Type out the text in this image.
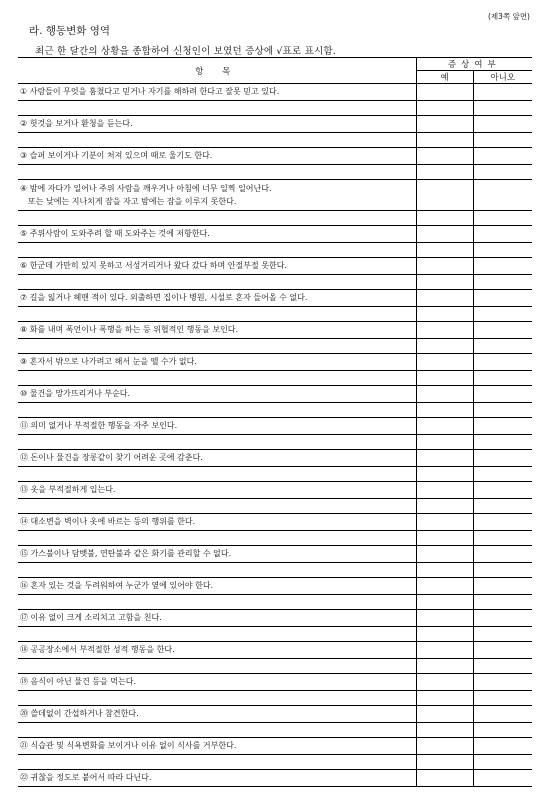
(제3쪽 앞면)
라. 행동변화 영역
최근 한 달간의 상황을 종합하여 신청인이 보였던 증상에 √표로 표시함.
항 목	증상여부	
	예	아니오

① 사람들이 무엇을 훔쳤다고 믿거나 자기를 해하려 한다고 잘못 믿고 있다.		

② 헛것을 보거나 환청을 듣는다.		

③ 슬퍼 보이거나 기분이 처져 있으며 때로 울기도 한다.		

④ 밤에 자다가 일어나 주위 사람을 깨우거나 아침에 너무 일찍 일어난다.
또는 낮에는 지나치게 잠을 자고 밤에는 잠을 이루지 못한다.		

⑤ 주위사람이 도와주려 할 때 도와주는 것에 저항한다.		

⑥ 한군데 가만히 있지 못하고 서성거리거나 왔다 갔다 하며 안절부절 못한다.		

⑦ 길을 잃거나 헤맨 적이 있다. 외출하면 집이나 병원, 시설로 혼자 들어올 수 없다.		

⑧ 화를 내며 폭언이나 폭행을 하는 등 위협적인 행동을 보인다.		

⑨ 혼자서 밖으로 나가려고 해서 눈을 뗄 수가 없다.		

⑩ 물건을 망가뜨리거나 부순다.		

⑪ 의미 없거나 부적절한 행동을 자주 보인다.		

⑫ 돈이나 물건을 장롱같이 찾기 어려운 곳에 감춘다.		

⑬ 옷을 부적절하게 입는다.		

⑭ 대소변을 벽이나 옷에 바르는 등의 행위를 한다.		

⑮ 가스불이나 담뱃불, 연탄불과 같은 화기를 관리할 수 없다.		

⑯ 혼자 있는 것을 두려워하여 누군가 옆에 있어야 한다.		

⑰ 이유 없이 크게 소리치고 고함을 친다.		

⑱ 공공장소에서 부적절한 성적 행동을 한다.		

⑲ 음식이 아닌 물건 등을 먹는다.		

⑳ 쓸데없이 간섭하거나 참견한다.		

㉑ 식습관 및 식욕변화를 보이거나 이유 없이 식사를 거부한다.		

㉒ 귀찮을 정도로 붙어서 따라 다닌다.		
